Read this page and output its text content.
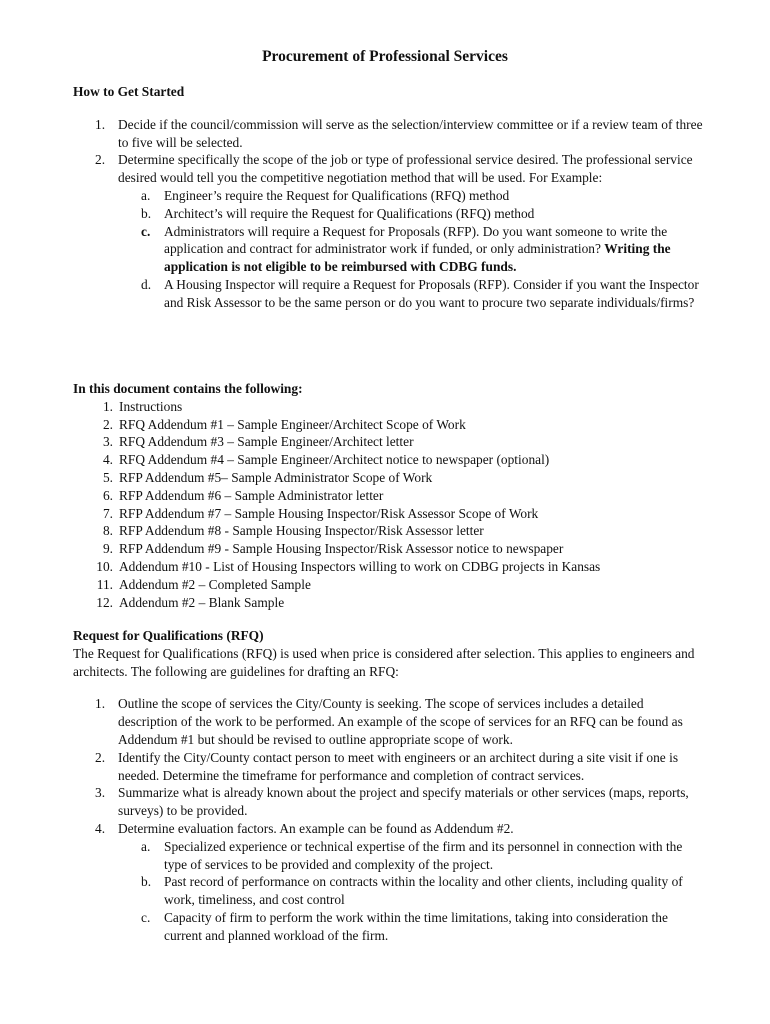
Procurement of Professional Services
How to Get Started
1. Decide if the council/commission will serve as the selection/interview committee or if a review team of three to five will be selected.
2. Determine specifically the scope of the job or type of professional service desired. The professional service desired would tell you the competitive negotiation method that will be used. For Example:
a. Engineer’s require the Request for Qualifications (RFQ) method
b. Architect’s will require the Request for Qualifications (RFQ) method
c. Administrators will require a Request for Proposals (RFP). Do you want someone to write the application and contract for administrator work if funded, or only administration? Writing the application is not eligible to be reimbursed with CDBG funds.
d. A Housing Inspector will require a Request for Proposals (RFP). Consider if you want the Inspector and Risk Assessor to be the same person or do you want to procure two separate individuals/firms?
In this document contains the following:
1. Instructions
2. RFQ Addendum #1 – Sample Engineer/Architect Scope of Work
3. RFQ Addendum #3 – Sample Engineer/Architect letter
4. RFQ Addendum #4 – Sample Engineer/Architect notice to newspaper (optional)
5. RFP Addendum #5– Sample Administrator Scope of Work
6. RFP Addendum #6 – Sample Administrator letter
7. RFP Addendum #7 – Sample Housing Inspector/Risk Assessor Scope of Work
8. RFP Addendum #8 - Sample Housing Inspector/Risk Assessor letter
9. RFP Addendum #9 - Sample Housing Inspector/Risk Assessor notice to newspaper
10. Addendum #10 - List of Housing Inspectors willing to work on CDBG projects in Kansas
11. Addendum #2 – Completed Sample
12. Addendum #2 – Blank Sample
Request for Qualifications (RFQ)
The Request for Qualifications (RFQ) is used when price is considered after selection. This applies to engineers and architects. The following are guidelines for drafting an RFQ:
1. Outline the scope of services the City/County is seeking. The scope of services includes a detailed description of the work to be performed. An example of the scope of services for an RFQ can be found as Addendum #1 but should be revised to outline appropriate scope of work.
2. Identify the City/County contact person to meet with engineers or an architect during a site visit if one is needed. Determine the timeframe for performance and completion of contract services.
3. Summarize what is already known about the project and specify materials or other services (maps, reports, surveys) to be provided.
4. Determine evaluation factors. An example can be found as Addendum #2.
a. Specialized experience or technical expertise of the firm and its personnel in connection with the type of services to be provided and complexity of the project.
b. Past record of performance on contracts within the locality and other clients, including quality of work, timeliness, and cost control
c. Capacity of firm to perform the work within the time limitations, taking into consideration the current and planned workload of the firm.
